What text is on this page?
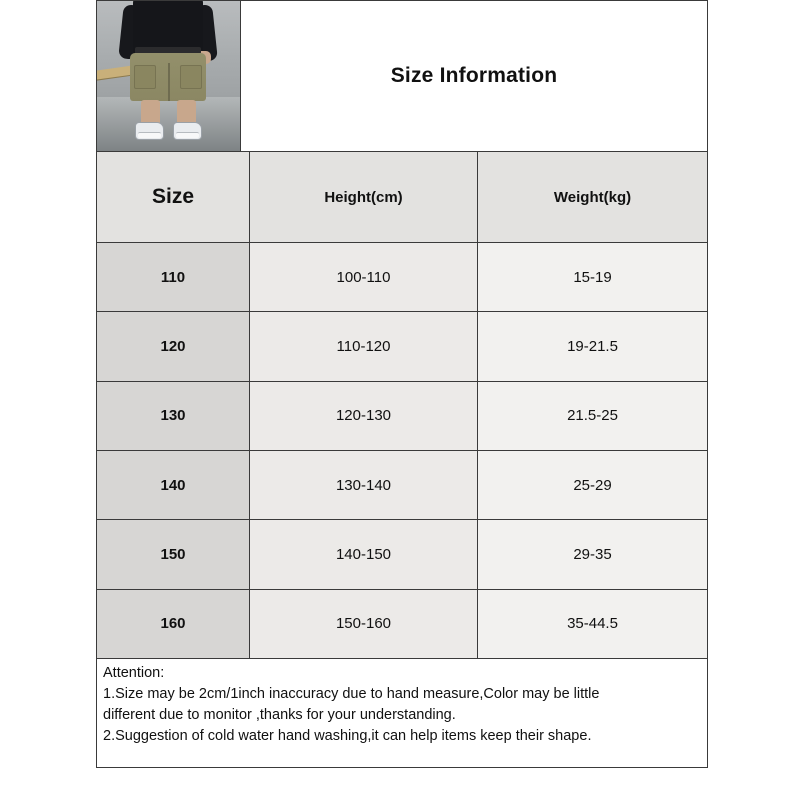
Size Information
Size	Height(cm)	Weight(kg)
110	100-110	15-19
120	110-120	19-21.5
130	120-130	21.5-25
140	130-140	25-29
150	140-150	29-35
160	150-160	35-44.5
Attention:
1.Size may be 2cm/1inch inaccuracy due to hand measure,Color may be little
different due to monitor ,thanks for your understanding.
2.Suggestion of cold water hand washing,it can help items keep their shape.
